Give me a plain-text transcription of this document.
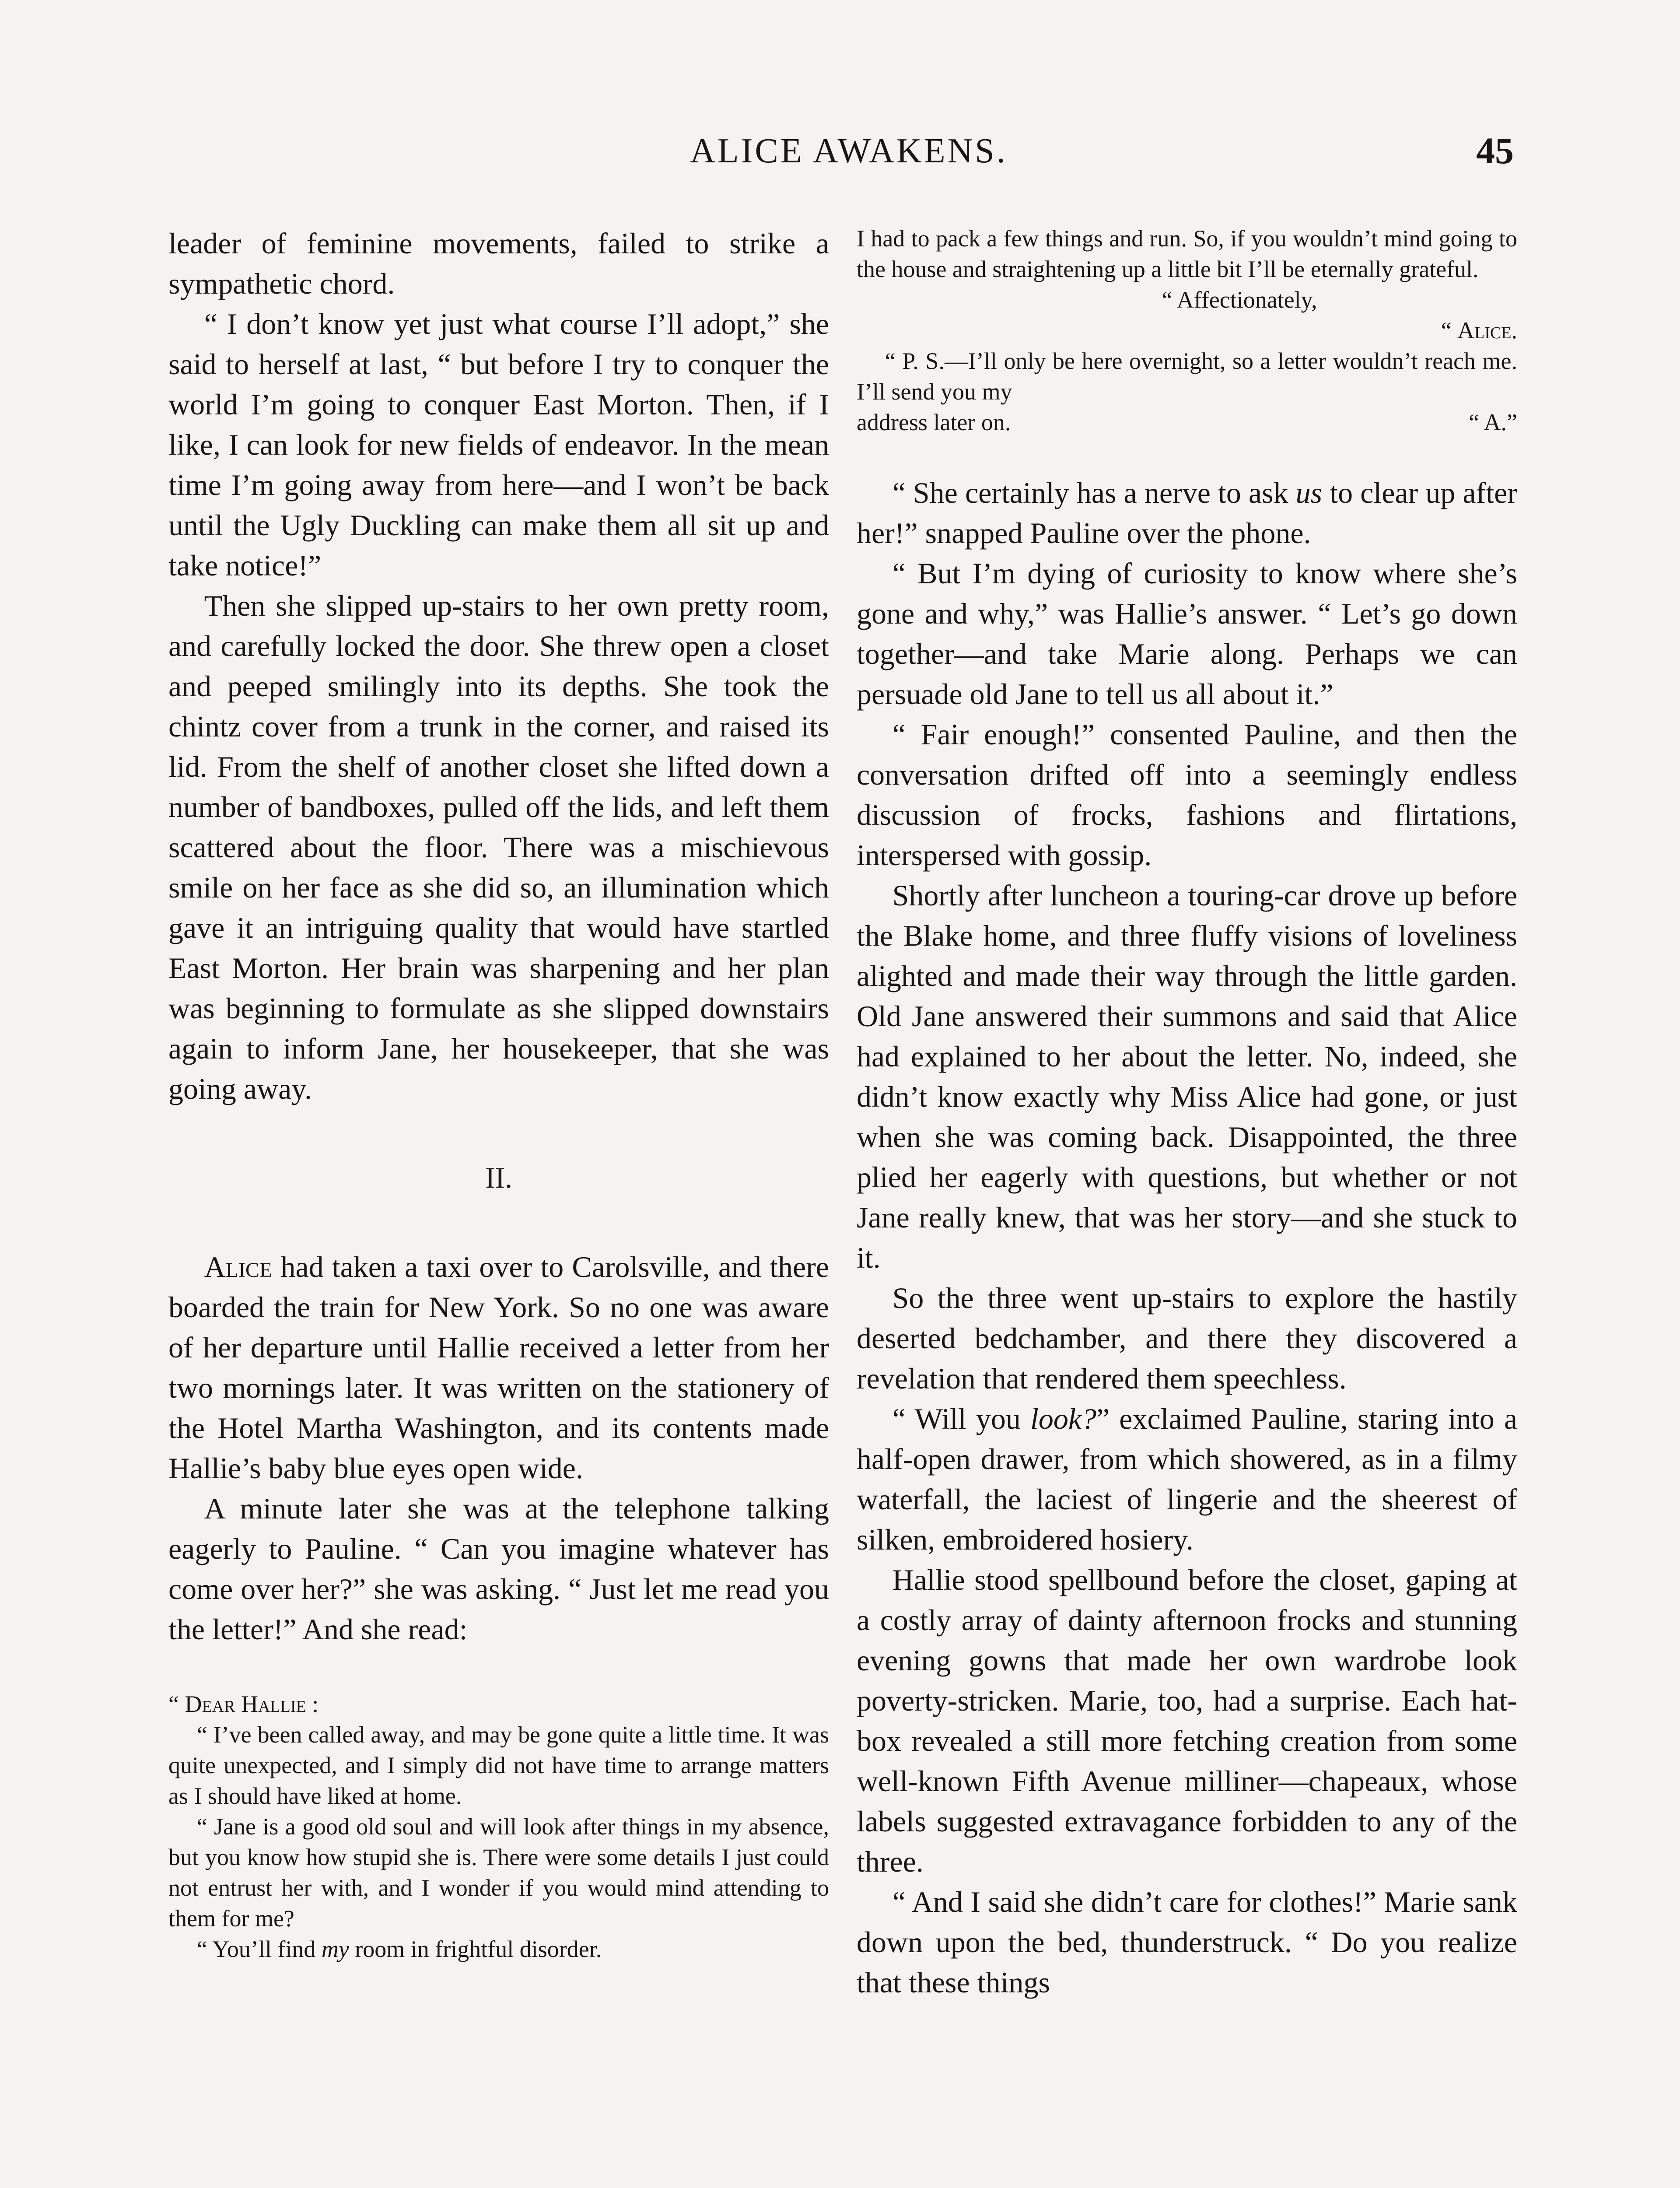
ALICE AWAKENS.	45

leader of feminine movements, failed to strike a sympathetic chord.

“ I don’t know yet just what course I’ll adopt,” she said to herself at last, “ but before I try to conquer the world I’m going to conquer East Morton. Then, if I like, I can look for new fields of endeavor. In the mean time I’m going away from here—and I won’t be back until the Ugly Duckling can make them all sit up and take notice!”

Then she slipped up-stairs to her own pretty room, and carefully locked the door. She threw open a closet and peeped smilingly into its depths. She took the chintz cover from a trunk in the corner, and raised its lid. From the shelf of another closet she lifted down a number of bandboxes, pulled off the lids, and left them scattered about the floor. There was a mischievous smile on her face as she did so, an illumination which gave it an intriguing quality that would have startled East Morton. Her brain was sharpening and her plan was beginning to formulate as she slipped downstairs again to inform Jane, her housekeeper, that she was going away.

II.

Alice had taken a taxi over to Carolsville, and there boarded the train for New York. So no one was aware of her departure until Hallie received a letter from her two mornings later. It was written on the stationery of the Hotel Martha Washington, and its contents made Hallie’s baby blue eyes open wide.

A minute later she was at the telephone talking eagerly to Pauline. “ Can you imagine whatever has come over her?” she was asking. “ Just let me read you the letter!” And she read:

“ Dear Hallie :

“ I’ve been called away, and may be gone quite a little time. It was quite unexpected, and I simply did not have time to arrange matters as I should have liked at home.

“ Jane is a good old soul and will look after things in my absence, but you know how stupid she is. There were some details I just could not entrust her with, and I wonder if you would mind attending to them for me?

“ You’ll find my room in frightful disorder.

I had to pack a few things and run. So, if you wouldn’t mind going to the house and straightening up a little bit I’ll be eternally grateful.

“ Affectionately,

“ Alice.

“ P. S.—I’ll only be here overnight, so a letter wouldn’t reach me. I’ll send you my

address later on.	“ A.”

“ She certainly has a nerve to ask us to clear up after her!” snapped Pauline over the phone.

“ But I’m dying of curiosity to know where she’s gone and why,” was Hallie’s answer. “ Let’s go down together—and take Marie along. Perhaps we can persuade old Jane to tell us all about it.”

“ Fair enough!” consented Pauline, and then the conversation drifted off into a seemingly endless discussion of frocks, fashions and flirtations, interspersed with gossip.

Shortly after luncheon a touring-car drove up before the Blake home, and three fluffy visions of loveliness alighted and made their way through the little garden. Old Jane answered their summons and said that Alice had explained to her about the letter. No, indeed, she didn’t know exactly why Miss Alice had gone, or just when she was coming back. Disappointed, the three plied her eagerly with questions, but whether or not Jane really knew, that was her story—and she stuck to it.

So the three went up-stairs to explore the hastily deserted bedchamber, and there they discovered a revelation that rendered them speechless.

“ Will you look?” exclaimed Pauline, staring into a half-open drawer, from which showered, as in a filmy waterfall, the laciest of lingerie and the sheerest of silken, embroidered hosiery.

Hallie stood spellbound before the closet, gaping at a costly array of dainty afternoon frocks and stunning evening gowns that made her own wardrobe look poverty-stricken. Marie, too, had a surprise. Each hat-box revealed a still more fetching creation from some well-known Fifth Avenue milliner—chapeaux, whose labels suggested extravagance forbidden to any of the three.

“ And I said she didn’t care for clothes!” Marie sank down upon the bed, thunderstruck. “ Do you realize that these things
